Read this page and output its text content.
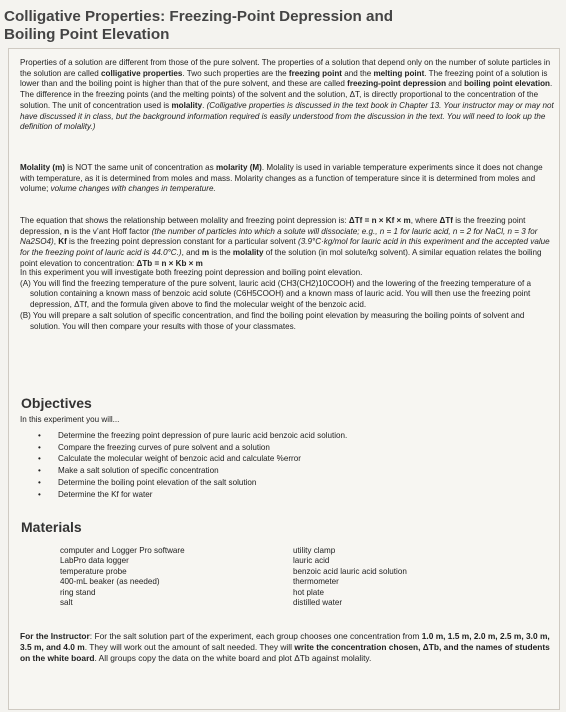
Colligative Properties: Freezing-Point Depression and Boiling Point Elevation

Properties of a solution are different from those of the pure solvent. The properties of a solution that depend only on the number of solute particles in the solution are called colligative properties. Two such properties are the freezing point and the melting point. The freezing point of a solution is lower than and the boiling point is higher than that of the pure solvent, and these are called freezing-point depression and boiling point elevation. The difference in the freezing points (and the melting points) of the solvent and the solution, ΔT, is directly proportional to the concentration of the solution. The unit of concentration used is molality. (Colligative properties is discussed in the text book in Chapter 13. Your instructor may or may not have discussed it in class, but the background information required is easily understood from the discussion in the text. You will need to look up the definition of molality.)

Molality (m) is NOT the same unit of concentration as molarity (M). Molality is used in variable temperature experiments since it does not change with temperature, as it is determined from moles and mass. Molarity changes as a function of temperature since it is determined from moles and volume; volume changes with changes in temperature.

The equation that shows the relationship between molality and freezing point depression is: ΔTf = n × Kf × m, where ΔTf is the freezing point depression, n is the v’ant Hoff factor (the number of particles into which a solute will dissociate; e.g., n = 1 for lauric acid, n = 2 for NaCl, n = 3 for Na2SO4), Kf is the freezing point depression constant for a particular solvent (3.9°C·kg/mol for lauric acid in this experiment and the accepted value for the freezing point of lauric acid is 44.0°C.), and m is the molality of the solution (in mol solute/kg solvent). A similar equation relates the boiling point elevation to concentration: ΔTb = n × Kb × m

In this experiment you will investigate both freezing point depression and boiling point elevation.

(A) You will find the freezing temperature of the pure solvent, lauric acid (CH3(CH2)10COOH) and the lowering of the freezing temperature of a solution containing a known mass of benzoic acid solute (C6H5COOH) and a known mass of lauric acid. You will then use the freezing point depression, ΔTf, and the formula given above to find the molecular weight of the benzoic acid.
(B) You will prepare a salt solution of specific concentration, and find the boiling point elevation by measuring the boiling points of solvent and solution. You will then compare your results with those of your classmates.
Objectives

In this experiment you will...

• Determine the freezing point depression of pure lauric acid benzoic acid solution.
• Compare the freezing curves of pure solvent and a solution
• Calculate the molecular weight of benzoic acid and calculate %error
• Make a salt solution of specific concentration
• Determine the boiling point elevation of the salt solution
• Determine the Kf for water
Materials
computer and Logger Pro software
LabPro data logger
temperature probe
400-mL beaker (as needed)
ring stand
salt
utility clamp
lauric acid
benzoic acid lauric acid solution
thermometer
hot plate
distilled water

For the Instructor: For the salt solution part of the experiment, each group chooses one concentration from 1.0 m, 1.5 m, 2.0 m, 2.5 m, 3.0 m, 3.5 m, and 4.0 m. They will work out the amount of salt needed. They will write the concentration chosen, ΔTb, and the names of students on the white board. All groups copy the data on the white board and plot ΔTb against molality.
